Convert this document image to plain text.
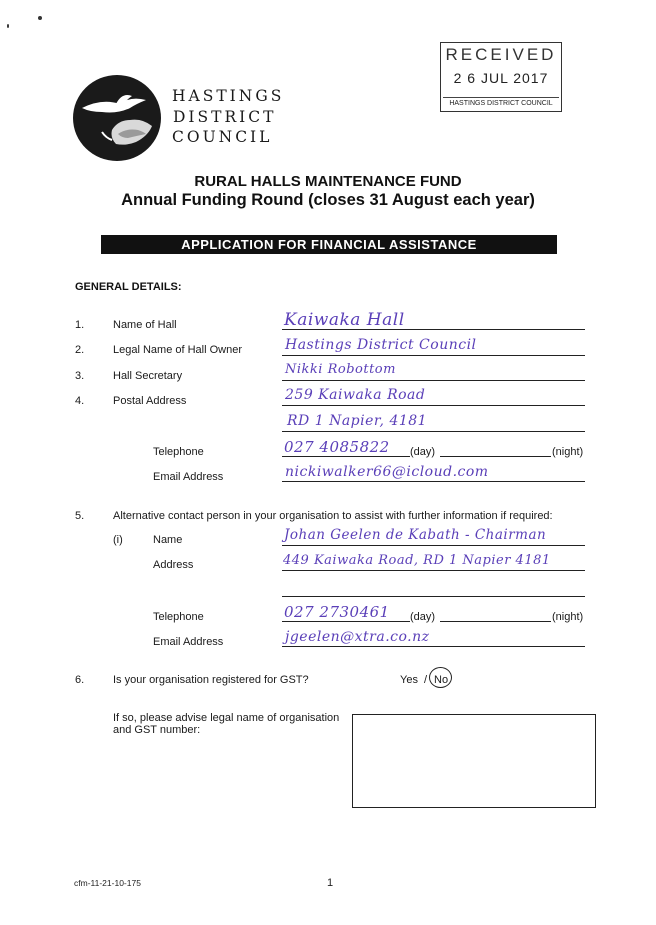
RECEIVED
2 6 JUL 2017
HASTINGS DISTRICT COUNCIL
HASTINGS
DISTRICT
COUNCIL
RURAL HALLS MAINTENANCE FUND
Annual Funding Round (closes 31 August each year)
APPLICATION FOR FINANCIAL ASSISTANCE
GENERAL DETAILS:
1.	Name of Hall	Kaiwaka Hall
2.	Legal Name of Hall Owner	Hastings District Council
3.	Hall Secretary	Nikki Robottom
4.	Postal Address	259 Kaiwaka Road
RD 1 Napier, 4181
Telephone	027 4085822 (day)	(night)
Email Address	nickiwalker66@icloud.com
5.	Alternative contact person in your organisation to assist with further information if required:
(i)	Name	Johan Geelen de Kabath - Chairman
Address	449 Kaiwaka Road, RD 1 Napier 4181
Telephone	027 2730461 (day)	(night)
Email Address	jgeelen@xtra.co.nz
6.	Is your organisation registered for GST?	Yes / No
If so, please advise legal name of organisation
and GST number:
cfm-11-21-10-175	1
